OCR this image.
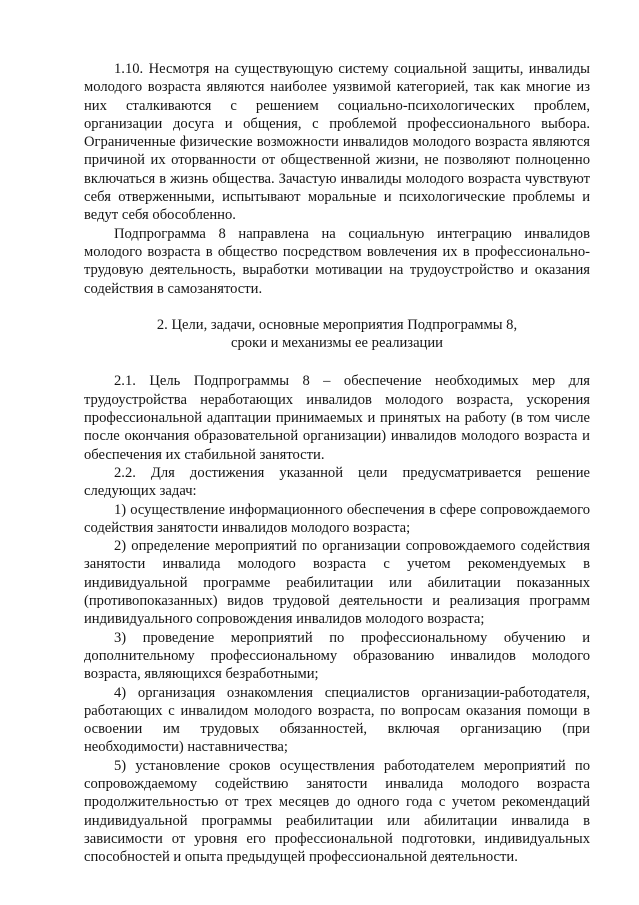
1.10. Несмотря на существующую систему социальной защиты, инвалиды молодого возраста являются наиболее уязвимой категорией, так как многие из них сталкиваются с решением социально-психологических проблем, организации досуга и общения, с проблемой профессионального выбора. Ограниченные физические возможности инвалидов молодого возраста являются причиной их оторванности от общественной жизни, не позволяют полноценно включаться в жизнь общества. Зачастую инвалиды молодого возраста чувствуют себя отверженными, испытывают моральные и психологические проблемы и ведут себя обособленно.

Подпрограмма 8 направлена на социальную интеграцию инвалидов молодого возраста в общество посредством вовлечения их в профессионально-трудовую деятельность, выработки мотивации на трудоустройство и оказания содействия в самозанятости.

2. Цели, задачи, основные мероприятия Подпрограммы 8,
сроки и механизмы ее реализации

2.1. Цель Подпрограммы 8 – обеспечение необходимых мер для трудоустройства неработающих инвалидов молодого возраста, ускорения профессиональной адаптации принимаемых и принятых на работу (в том числе после окончания образовательной организации) инвалидов молодого возраста и обеспечения их стабильной занятости.

2.2. Для достижения указанной цели предусматривается решение следующих задач:

1) осуществление информационного обеспечения в сфере сопровождаемого содействия занятости инвалидов молодого возраста;

2) определение мероприятий по организации сопровождаемого содействия занятости инвалида молодого возраста с учетом рекомендуемых в индивидуальной программе реабилитации или абилитации показанных (противопоказанных) видов трудовой деятельности и реализация программ индивидуального сопровождения инвалидов молодого возраста;

3) проведение мероприятий по профессиональному обучению и дополнительному профессиональному образованию инвалидов молодого возраста, являющихся безработными;

4) организация ознакомления специалистов организации-работодателя, работающих с инвалидом молодого возраста, по вопросам оказания помощи в освоении им трудовых обязанностей, включая организацию (при необходимости) наставничества;

5) установление сроков осуществления работодателем мероприятий по сопровождаемому содействию занятости инвалида молодого возраста продолжительностью от трех месяцев до одного года с учетом рекомендаций индивидуальной программы реабилитации или абилитации инвалида в зависимости от уровня его профессиональной подготовки, индивидуальных способностей и опыта предыдущей профессиональной деятельности.
